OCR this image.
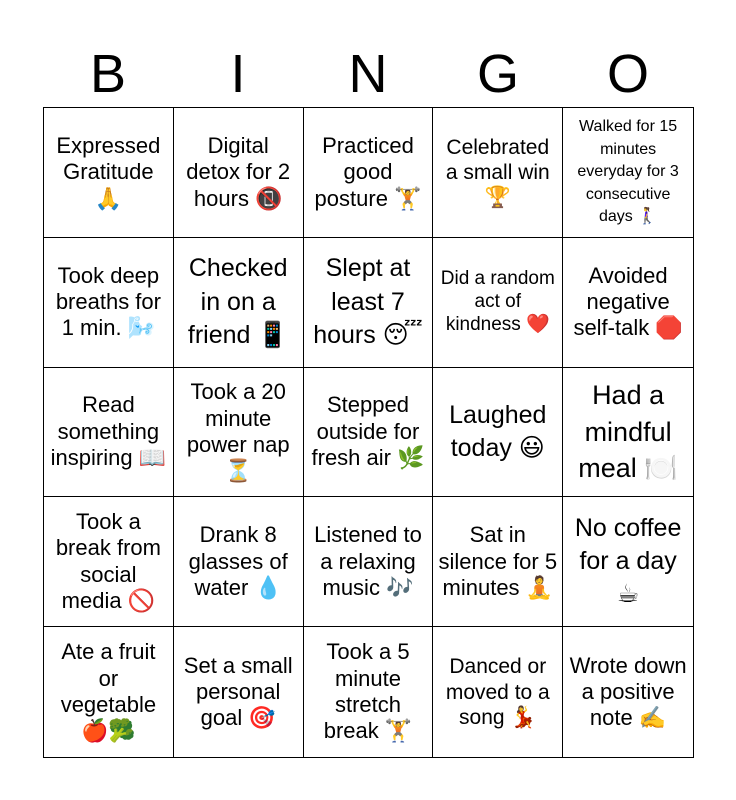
B	I	N	G	O
Expressed Gratitude 🙏
Digital detox for 2 hours 📵
Practiced good posture 🏋️
Celebrated a small win 🏆
Walked for 15 minutes everyday for 3 consecutive days 🚶‍♀️
Took deep breaths for 1 min. 🌬️
Checked in on a friend 📱
Slept at least 7 hours 😴
Did a random act of kindness ❤️
Avoided negative self-talk 🛑
Read something inspiring 📖
Took a 20 minute power nap ⏳
Stepped outside for fresh air 🌿
Laughed today 😃
Had a mindful meal 🍽️
Took a break from social media 🚫
Drank 8 glasses of water 💧
Listened to a relaxing music 🎶
Sat in silence for 5 minutes 🧘
No coffee for a day ☕
Ate a fruit or vegetable 🍎🥦
Set a small personal goal 🎯
Took a 5 minute stretch break 🏋️
Danced or moved to a song 💃
Wrote down a positive note ✍️
